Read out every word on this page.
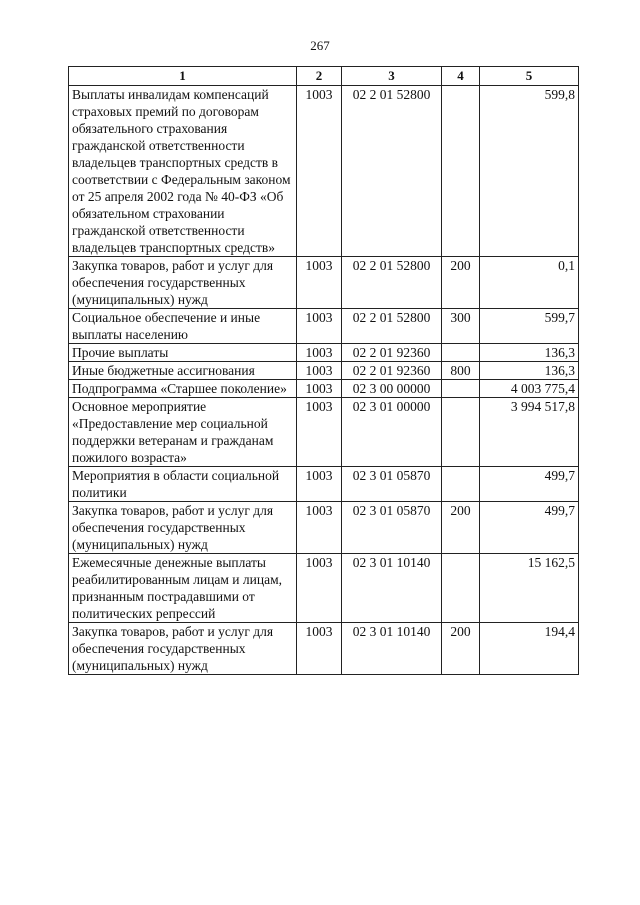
267
1	2	3	4	5
Выплаты инвалидам компенсаций страховых премий по договорам обязательного страхования гражданской ответственности владельцев транспортных средств в соответствии с Федеральным законом от 25 апреля 2002 года № 40-ФЗ «Об обязательном страховании гражданской ответственности владельцев транспортных средств»	1003	02 2 01 52800		599,8
Закупка товаров, работ и услуг для обеспечения государственных (муниципальных) нужд	1003	02 2 01 52800	200	0,1
Социальное обеспечение и иные выплаты населению	1003	02 2 01 52800	300	599,7
Прочие выплаты	1003	02 2 01 92360		136,3
Иные бюджетные ассигнования	1003	02 2 01 92360	800	136,3
Подпрограмма «Старшее поколение»	1003	02 3 00 00000		4 003 775,4
Основное мероприятие «Предоставление мер социальной поддержки ветеранам и гражданам пожилого возраста»	1003	02 3 01 00000		3 994 517,8
Мероприятия в области социальной политики	1003	02 3 01 05870		499,7
Закупка товаров, работ и услуг для обеспечения государственных (муниципальных) нужд	1003	02 3 01 05870	200	499,7
Ежемесячные денежные выплаты реабилитированным лицам и лицам, признанным пострадавшими от политических репрессий	1003	02 3 01 10140		15 162,5
Закупка товаров, работ и услуг для обеспечения государственных (муниципальных) нужд	1003	02 3 01 10140	200	194,4
